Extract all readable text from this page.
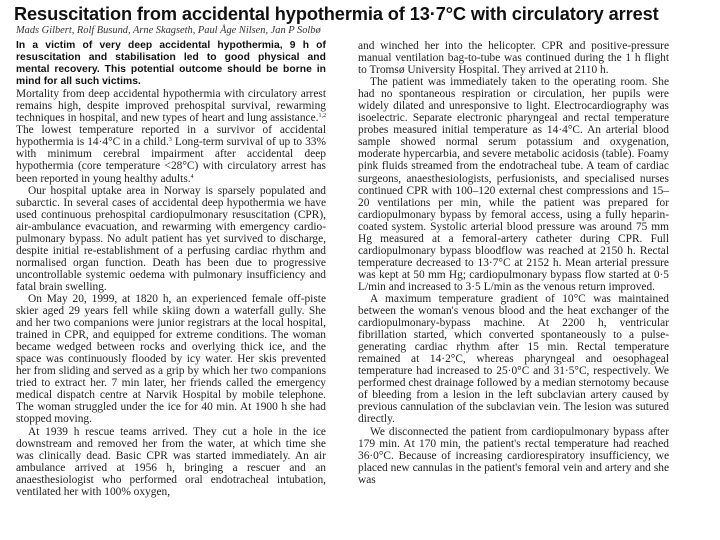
Resuscitation from accidental hypothermia of 13·7°C with circulatory arrest
Mads Gilbert, Rolf Busund, Arne Skagseth, Paul Åge Nilsen, Jan P Solbø

In a victim of very deep accidental hypothermia, 9 h of resuscitation and stabilisation led to good physical and mental recovery. This potential outcome should be borne in mind for all such victims.

Mortality from deep accidental hypothermia with circulatory arrest remains high, despite improved prehospital survival, rewarming techniques in hospital, and new types of heart and lung assistance.$^{1,2}$ The lowest temperature reported in a survivor of accidental hypothermia is 14·4°C in a child.$^3$ Long-term survival of up to 33% with minimum cerebral impairment after accidental deep hypothermia (core temperature <28°C) with circulatory arrest has been reported in young healthy adults.$^4$

Our hospital uptake area in Norway is sparsely populated and subarctic. In several cases of accidental deep hypothermia we have used continuous prehospital cardiopulmonary resuscitation (CPR), air-ambulance evacuation, and rewarming with emergency cardio-pulmonary bypass. No adult patient has yet survived to discharge, despite initial re-establishment of a perfusing cardiac rhythm and normalised organ function. Death has been due to progressive uncontrollable systemic oedema with pulmonary insufficiency and fatal brain swelling.

On May 20, 1999, at 1820 h, an experienced female off-piste skier aged 29 years fell while skiing down a waterfall gully. She and her two companions were junior registrars at the local hospital, trained in CPR, and equipped for extreme conditions. The woman became wedged between rocks and overlying thick ice, and the space was continuously flooded by icy water. Her skis prevented her from sliding and served as a grip by which her two companions tried to extract her. 7 min later, her friends called the emergency medical dispatch centre at Narvik Hospital by mobile telephone. The woman struggled under the ice for 40 min. At 1900 h she had stopped moving.

At 1939 h rescue teams arrived. They cut a hole in the ice downstream and removed her from the water, at which time she was clinically dead. Basic CPR was started immediately. An air ambulance arrived at 1956 h, bringing a rescuer and an anaesthesiologist who performed oral endotracheal intubation, ventilated her with 100% oxygen,

and winched her into the helicopter. CPR and positive-pressure manual ventilation bag-to-tube was continued during the 1 h flight to Tromsø University Hospital. They arrived at 2110 h.

The patient was immediately taken to the operating room. She had no spontaneous respiration or circulation, her pupils were widely dilated and unresponsive to light. Electrocardiography was isoelectric. Separate electronic pharyngeal and rectal temperature probes measured initial temperature as 14·4°C. An arterial blood sample showed normal serum potassium and oxygenation, moderate hypercarbia, and severe metabolic acidosis (table). Foamy pink fluids streamed from the endotracheal tube. A team of cardiac surgeons, anaesthesiologists, perfusionists, and specialised nurses continued CPR with 100–120 external chest compressions and 15–20 ventilations per min, while the patient was prepared for cardiopulmonary bypass by femoral access, using a fully heparin-coated system. Systolic arterial blood pressure was around 75 mm Hg measured at a femoral-artery catheter during CPR. Full cardiopulmonary bypass bloodflow was reached at 2150 h. Rectal temperature decreased to 13·7°C at 2152 h. Mean arterial pressure was kept at 50 mm Hg; cardiopulmonary bypass flow started at 0·5 L/min and increased to 3·5 L/min as the venous return improved.

A maximum temperature gradient of 10°C was maintained between the woman's venous blood and the heat exchanger of the cardiopulmonary-bypass machine. At 2200 h, ventricular fibrillation started, which converted spontaneously to a pulse-generating cardiac rhythm after 15 min. Rectal temperature remained at 14·2°C, whereas pharyngeal and oesophageal temperature had increased to 25·0°C and 31·5°C, respectively. We performed chest drainage followed by a median sternotomy because of bleeding from a lesion in the left subclavian artery caused by previous cannulation of the subclavian vein. The lesion was sutured directly.

We disconnected the patient from cardiopulmonary bypass after 179 min. At 170 min, the patient's rectal temperature had reached 36·0°C. Because of increasing cardiorespiratory insufficiency, we placed new cannulas in the patient's femoral vein and artery and she was
